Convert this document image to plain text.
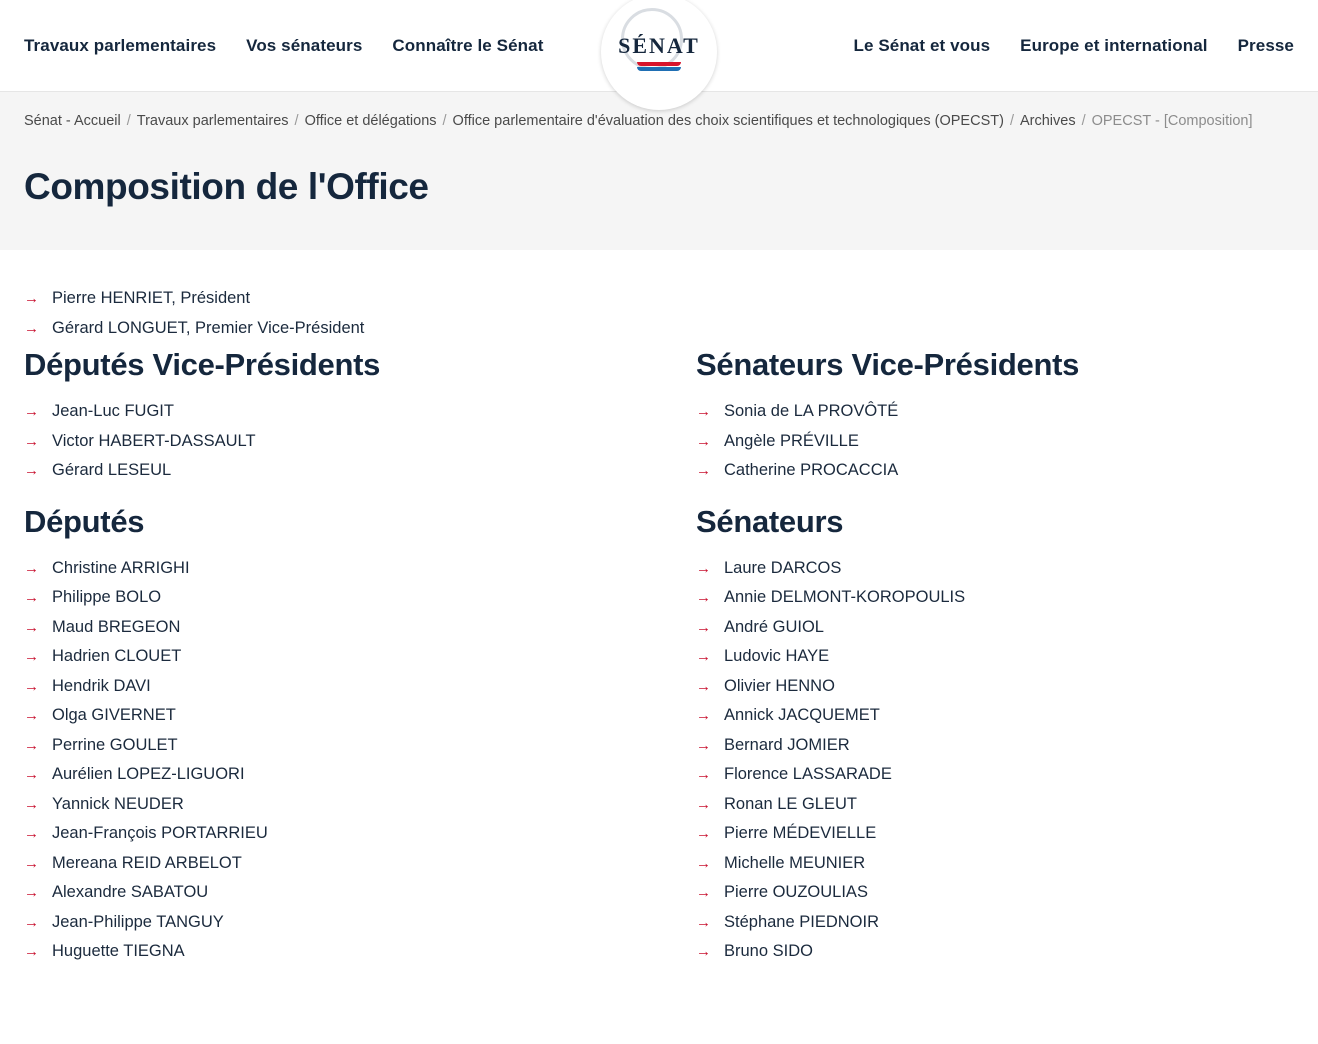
Travaux parlementaires Vos sénateurs Connaître le Sénat	SÉNAT	Le Sénat et vous Europe et international Presse
Sénat - Accueil / Travaux parlementaires / Office et délégations / Office parlementaire d'évaluation des choix scientifiques et technologiques (OPECST) / Archives / OPECST - [Composition]
Composition de l'Office
→ Pierre HENRIET, Président
→ Gérard LONGUET, Premier Vice-Président
Députés Vice-Présidents
→ Jean-Luc FUGIT
→ Victor HABERT-DASSAULT
→ Gérard LESEUL
Sénateurs Vice-Présidents
→ Sonia de LA PROVÔTÉ
→ Angèle PRÉVILLE
→ Catherine PROCACCIA
Députés
→ Christine ARRIGHI
→ Philippe BOLO
→ Maud BREGEON
→ Hadrien CLOUET
→ Hendrik DAVI
→ Olga GIVERNET
→ Perrine GOULET
→ Aurélien LOPEZ-LIGUORI
→ Yannick NEUDER
→ Jean-François PORTARRIEU
→ Mereana REID ARBELOT
→ Alexandre SABATOU
→ Jean-Philippe TANGUY
→ Huguette TIEGNA
Sénateurs
→ Laure DARCOS
→ Annie DELMONT-KOROPOULIS
→ André GUIOL
→ Ludovic HAYE
→ Olivier HENNO
→ Annick JACQUEMET
→ Bernard JOMIER
→ Florence LASSARADE
→ Ronan LE GLEUT
→ Pierre MÉDEVIELLE
→ Michelle MEUNIER
→ Pierre OUZOULIAS
→ Stéphane PIEDNOIR
→ Bruno SIDO
